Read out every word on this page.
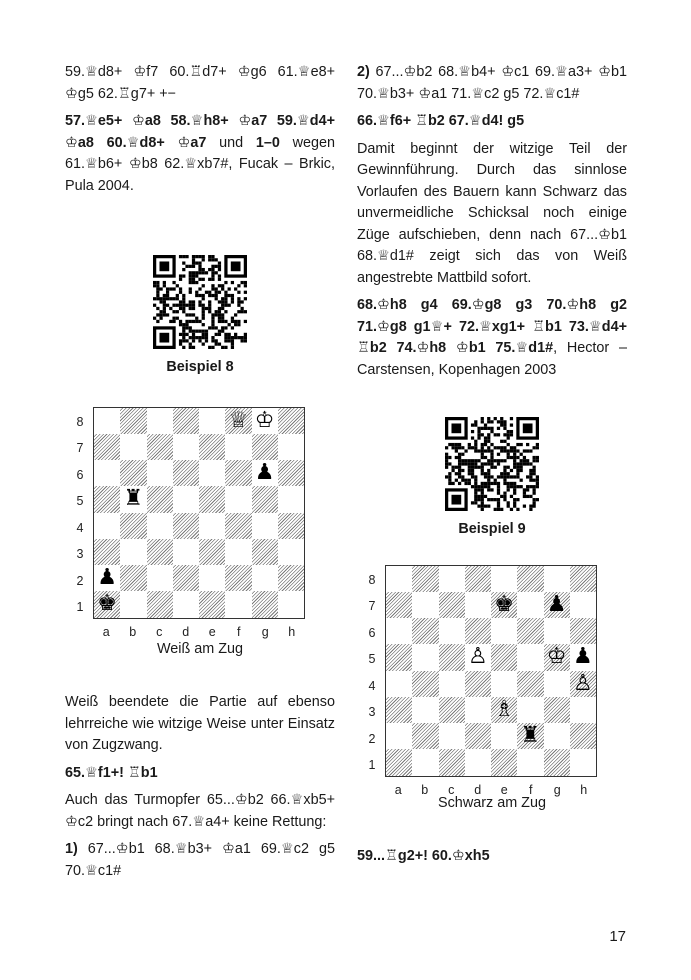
59.♕d8+ ♔f7 60.♖d7+ ♔g6 61.♕e8+ ♔g5 62.♖g7+ +−

57.♕e5+ ♔a8 58.♕h8+ ♔a7 59.♕d4+ ♔a8 60.♕d8+ ♔a7 und 1–0 wegen 61.♕b6+ ♔b8 62.♕xb7#, Fucak – Brkic, Pula 2004.

Beispiel 8
♕ ♔
♟
♜
♟
♚
8
7
6
5
4
3
2
1
a b	c	d e	f	g h
Weiß am Zug

Weiß beendete die Partie auf ebenso lehrreiche wie witzige Weise unter Einsatz von Zugzwang.

65.♕f1+! ♖b1

Auch das Turmopfer 65...♔b2 66.♕xb5+ ♔c2 bringt nach 67.♕a4+ keine Rettung:

1) 67...♔b1 68.♕b3+ ♔a1 69.♕c2 g5 70.♕c1#

2) 67...♔b2 68.♕b4+ ♔c1 69.♕a3+ ♔b1 70.♕b3+ ♔a1 71.♕c2 g5 72.♕c1#

66.♕f6+ ♖b2 67.♕d4! g5

Damit beginnt der witzige Teil der Gewinnführung. Durch das sinnlose Vorlaufen des Bauern kann Schwarz das unvermeidliche Schicksal noch einige Züge aufschieben, denn nach 67...♔b1 68.♕d1# zeigt sich das von Weiß angestrebte Mattbild sofort.

68.♔h8 g4 69.♔g8 g3 70.♔h8 g2 71.♔g8 g1♕+ 72.♕xg1+ ♖b1 73.♕d4+ ♖b2 74.♔h8 ♔b1 75.♕d1#, Hector – Carstensen, Kopenhagen 2003

Beispiel 9
♚ ♟
♙	♔ ♟
♙
♗
♜
8
7
6
5
4
3
2
1
a b	c	d e	f	g h
Schwarz am Zug

59...♖g2+! 60.♔xh5

17
